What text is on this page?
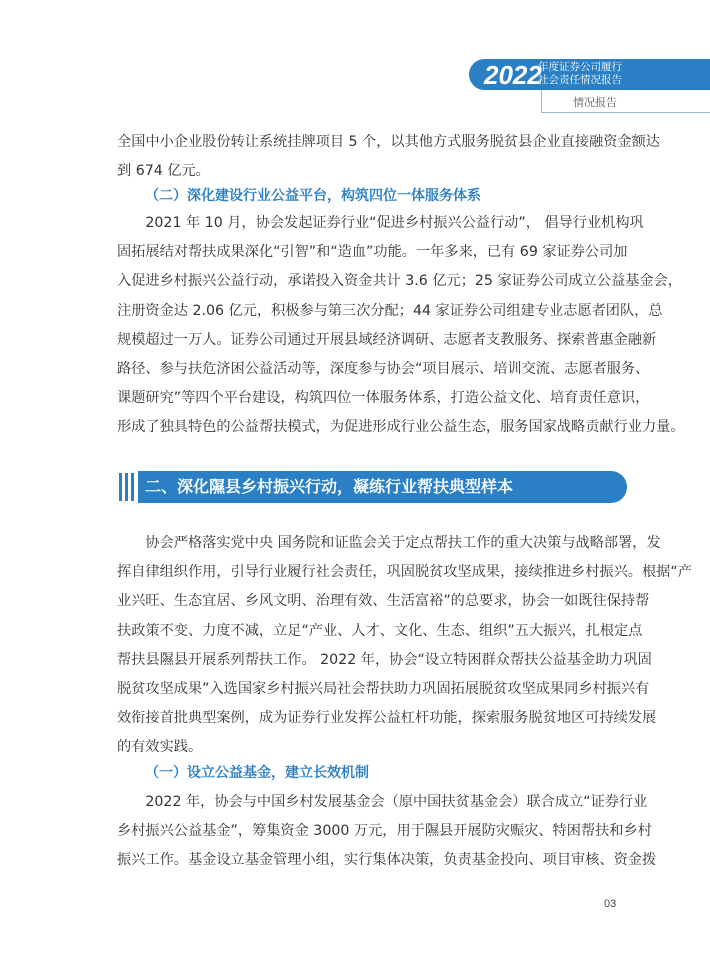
2022
年度证券公司履行
社会责任情况报告
情况报告
全国中小企业股份转让系统挂牌项目 5 个，以其他方式服务脱贫县企业直接融资金额达
到 674 亿元。
（二）深化建设行业公益平台，构筑四位一体服务体系
　　2021 年 10 月，协会发起证券行业“促进乡村振兴公益行动”， 倡导行业机构巩
固拓展结对帮扶成果深化“引智”和“造血”功能。一年多来，已有 69 家证券公司加
入促进乡村振兴公益行动，承诺投入资金共计 3.6 亿元；25 家证券公司成立公益基金会，
注册资金达 2.06 亿元，积极参与第三次分配；44 家证券公司组建专业志愿者团队，总
规模超过一万人。证券公司通过开展县域经济调研、志愿者支教服务、探索普惠金融新
路径、参与扶危济困公益活动等，深度参与协会“项目展示、培训交流、志愿者服务、
课题研究”等四个平台建设，构筑四位一体服务体系，打造公益文化、培育责任意识，
形成了独具特色的公益帮扶模式，为促进形成行业公益生态，服务国家战略贡献行业力量。
二、深化隰县乡村振兴行动，凝练行业帮扶典型样本
　　协会严格落实党中央 国务院和证监会关于定点帮扶工作的重大决策与战略部署，发
挥自律组织作用，引导行业履行社会责任，巩固脱贫攻坚成果，接续推进乡村振兴。根据“产
业兴旺、生态宜居、乡风文明、治理有效、生活富裕”的总要求，协会一如既往保持帮
扶政策不变、力度不减，立足“产业、人才、文化、生态、组织”五大振兴，扎根定点
帮扶县隰县开展系列帮扶工作。 2022 年，协会“设立特困群众帮扶公益基金助力巩固
脱贫攻坚成果”入选国家乡村振兴局社会帮扶助力巩固拓展脱贫攻坚成果同乡村振兴有
效衔接首批典型案例，成为证券行业发挥公益杠杆功能，探索服务脱贫地区可持续发展
的有效实践。
（一）设立公益基金，建立长效机制
　　2022 年，协会与中国乡村发展基金会（原中国扶贫基金会）联合成立“证券行业
乡村振兴公益基金”，筹集资金 3000 万元，用于隰县开展防灾赈灾、特困帮扶和乡村
振兴工作。基金设立基金管理小组，实行集体决策，负责基金投向、项目审核、资金拨
03
